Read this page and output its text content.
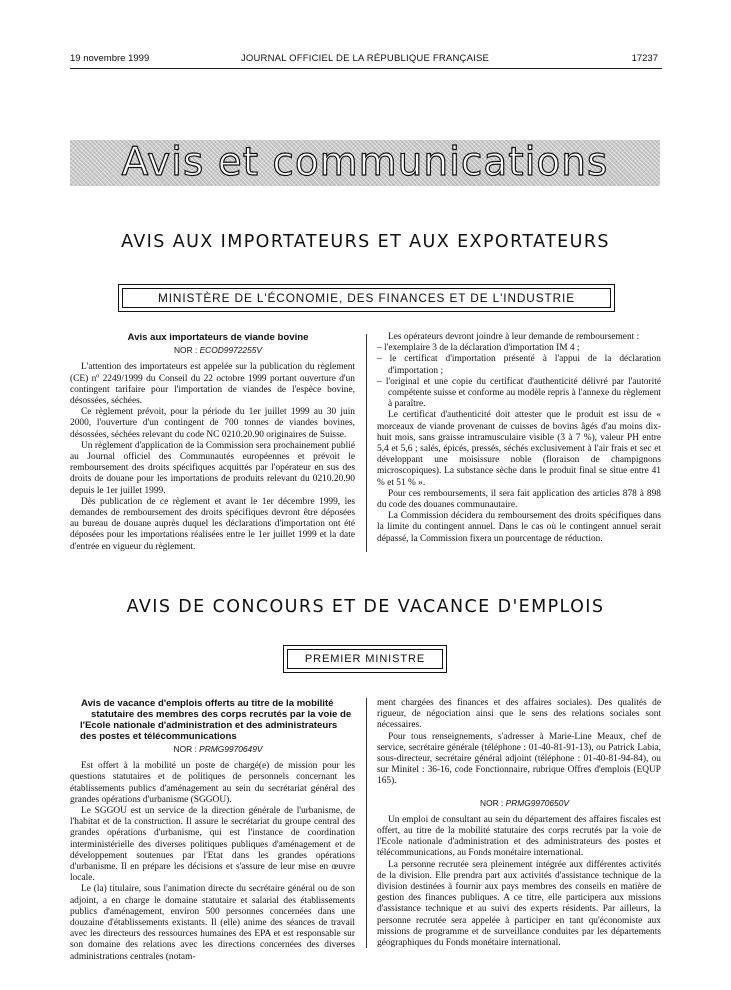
19 novembre 1999	JOURNAL OFFICIEL DE LA RÉPUBLIQUE FRANÇAISE	17237
Avis et communications
AVIS AUX IMPORTATEURS ET AUX EXPORTATEURS
MINISTÈRE DE L'ÉCONOMIE, DES FINANCES ET DE L'INDUSTRIE

Avis aux importateurs de viande bovine

NOR : ECOD9972255V

L'attention des importateurs est appelée sur la publication du règlement (CE) nº 2249/1999 du Conseil du 22 octobre 1999 portant ouverture d'un contingent tarifaire pour l'importation de viandes de l'espèce bovine, désossées, séchées.

Ce règlement prévoit, pour la période du 1er juillet 1999 au 30 juin 2000, l'ouverture d'un contingent de 700 tonnes de viandes bovines, désossées, séchées relevant du code NC 0210.20.90 originaires de Suisse.

Un règlement d'application de la Commission sera prochainement publié au Journal officiel des Communautés européennes et prévoit le remboursement des droits spécifiques acquittés par l'opérateur en sus des droits de douane pour les importations de produits relevant du 0210.20.90 depuis le 1er juillet 1999.

Dès publication de ce règlement et avant le 1er décembre 1999, les demandes de remboursement des droits spécifiques devront être déposées au bureau de douane auprès duquel les déclarations d'importation ont été déposées pour les importations réalisées entre le 1er juillet 1999 et la date d'entrée en vigueur du règlement.

Les opérateurs devront joindre à leur demande de remboursement :

– l'exemplaire 3 de la déclaration d'importation IM 4 ;

– le certificat d'importation présenté à l'appui de la déclaration d'importation ;

– l'original et une copie du certificat d'authenticité délivré par l'autorité compétente suisse et conforme au modèle repris à l'annexe du règlement à paraître.

Le certificat d'authenticité doit attester que le produit est issu de « morceaux de viande provenant de cuisses de bovins âgés d'au moins dix-huit mois, sans graisse intramusculaire visible (3 à 7 %), valeur PH entre 5,4 et 5,6 ; salés, épicés, pressés, séchés exclusivement à l'air frais et sec et développant une moisissure noble (floraison de champignons microscopiques). La substance sèche dans le produit final se situe entre 41 % et 51 % ».

Pour ces remboursements, il sera fait application des articles 878 à 898 du code des douanes communautaire.

La Commission décidera du remboursement des droits spécifiques dans la limite du contingent annuel. Dans le cas où le contingent annuel serait dépassé, la Commission fixera un pourcentage de réduction.

AVIS DE CONCOURS ET DE VACANCE D'EMPLOIS
PREMIER MINISTRE

Avis de vacance d'emplois offerts au titre de la mobilité
statutaire des membres des corps recrutés par la voie de l'Ecole nationale d'administration et des administrateurs des postes et télécommunications

NOR : PRMG9970649V

Est offert à la mobilité un poste de chargé(e) de mission pour les questions statutaires et de politiques de personnels concernant les établissements publics d'aménagement au sein du secrétariat général des grandes opérations d'urbanisme (SGGOU).

Le SGGOU est un service de la direction générale de l'urbanisme, de l'habitat et de la construction. Il assure le secrétariat du groupe central des grandes opérations d'urbanisme, qui est l'instance de coordination interministérielle des diverses politiques publiques d'aménagement et de développement soutenues par l'Etat dans les grandes opérations d'urbanisme. Il en prépare les décisions et s'assure de leur mise en œuvre locale.

Le (la) titulaire, sous l'animation directe du secrétaire général ou de son adjoint, a en charge le domaine statutaire et salarial des établissements publics d'aménagement, environ 500 personnes concernées dans une douzaine d'établissements existants. Il (elle) anime des séances de travail avec les directeurs des ressources humaines des EPA et est responsable sur son domaine des relations avec les directions concernées des diverses administrations centrales (notam-

ment chargées des finances et des affaires sociales). Des qualités de rigueur, de négociation ainsi que le sens des relations sociales sont nécessaires.

Pour tous renseignements, s'adresser à Marie-Line Meaux, chef de service, secrétaire générale (téléphone : 01-40-81-91-13), ou Patrick Labia, sous-directeur, secrétaire général adjoint (téléphone : 01-40-81-94-84), ou sur Minitel : 36-16, code Fonctionnaire, rubrique Offres d'emplois (EQUP 165).

NOR : PRMG9970650V

Un emploi de consultant au sein du département des affaires fiscales est offert, au titre de la mobilité statutaire des corps recrutés par la voie de l'Ecole nationale d'administration et des administrateurs des postes et télécommunications, au Fonds monétaire international.

La personne recrutée sera pleinement intégrée aux différentes activités de la division. Elle prendra part aux activités d'assistance technique de la division destinées à fournir aux pays membres des conseils en matière de gestion des finances publiques. A ce titre, elle participera aux missions d'assistance technique et au suivi des experts résidents. Par ailleurs, la personne recrutée sera appelée à participer en tant qu'économiste aux missions de programme et de surveillance conduites par les départements géographiques du Fonds monétaire international.
